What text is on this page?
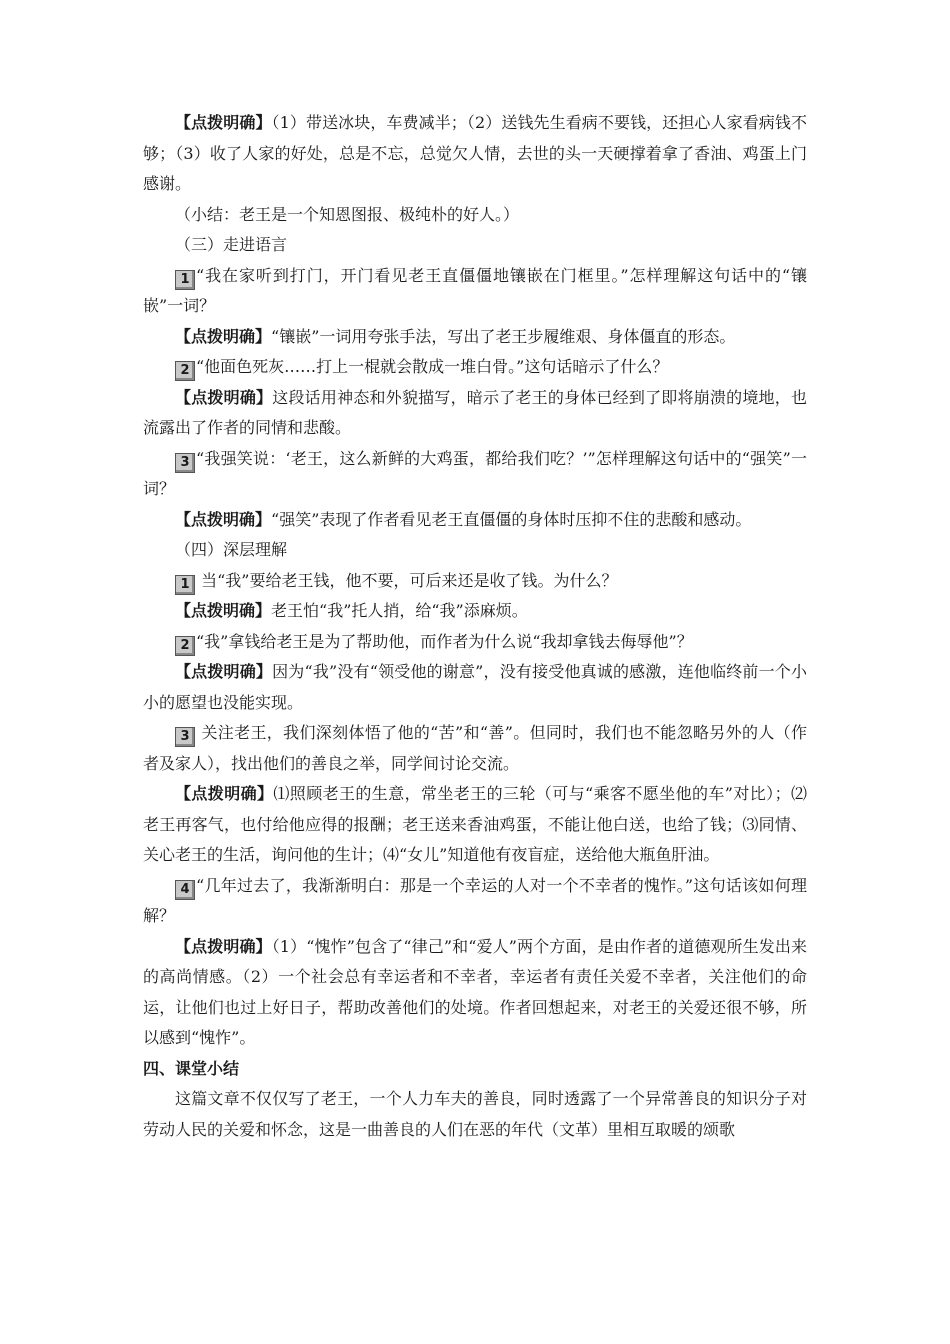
【点拨明确】（1）带送冰块，车费减半；（2）送钱先生看病不要钱，还担心人家看病钱不够；（3）收了人家的好处，总是不忘，总觉欠人情，去世的头一天硬撑着拿了香油、鸡蛋上门感谢。

（小结：老王是一个知恩图报、极纯朴的好人。）

（三）走进语言

1 “我在家听到打门，开门看见老王直僵僵地镶嵌在门框里。”怎样理解这句话中的“镶嵌”一词？

【点拨明确】“镶嵌”一词用夸张手法，写出了老王步履维艰、身体僵直的形态。

2 “他面色死灰……打上一棍就会散成一堆白骨。”这句话暗示了什么？

【点拨明确】这段话用神态和外貌描写，暗示了老王的身体已经到了即将崩溃的境地，也流露出了作者的同情和悲酸。

3 “我强笑说：‘老王，这么新鲜的大鸡蛋，都给我们吃？’”怎样理解这句话中的“强笑”一词？

【点拨明确】“强笑”表现了作者看见老王直僵僵的身体时压抑不住的悲酸和感动。

（四）深层理解

1 当“我”要给老王钱，他不要，可后来还是收了钱。为什么？

【点拨明确】老王怕“我”托人捎，给“我”添麻烦。

2 “我”拿钱给老王是为了帮助他，而作者为什么说“我却拿钱去侮辱他”？

【点拨明确】因为“我”没有“领受他的谢意”，没有接受他真诚的感激，连他临终前一个小小的愿望也没能实现。

3 关注老王，我们深刻体悟了他的“苦”和“善”。但同时，我们也不能忽略另外的人（作者及家人），找出他们的善良之举，同学间讨论交流。

【点拨明确】⑴照顾老王的生意，常坐老王的三轮（可与“乘客不愿坐他的车”对比）；⑵老王再客气，也付给他应得的报酬；老王送来香油鸡蛋，不能让他白送，也给了钱；⑶同情、关心老王的生活，询问他的生计；⑷“女儿”知道他有夜盲症，送给他大瓶鱼肝油。

4 “几年过去了，我渐渐明白：那是一个幸运的人对一个不幸者的愧怍。”这句话该如何理解？

【点拨明确】（1）“愧怍”包含了“律己”和“爱人”两个方面，是由作者的道德观所生发出来的高尚情感。（2）一个社会总有幸运者和不幸者，幸运者有责任关爱不幸者，关注他们的命运，让他们也过上好日子，帮助改善他们的处境。作者回想起来，对老王的关爱还很不够，所以感到“愧怍”。

四、课堂小结

这篇文章不仅仅写了老王，一个人力车夫的善良，同时透露了一个异常善良的知识分子对劳动人民的关爱和怀念，这是一曲善良的人们在恶的年代（文革）里相互取暖的颂歌
